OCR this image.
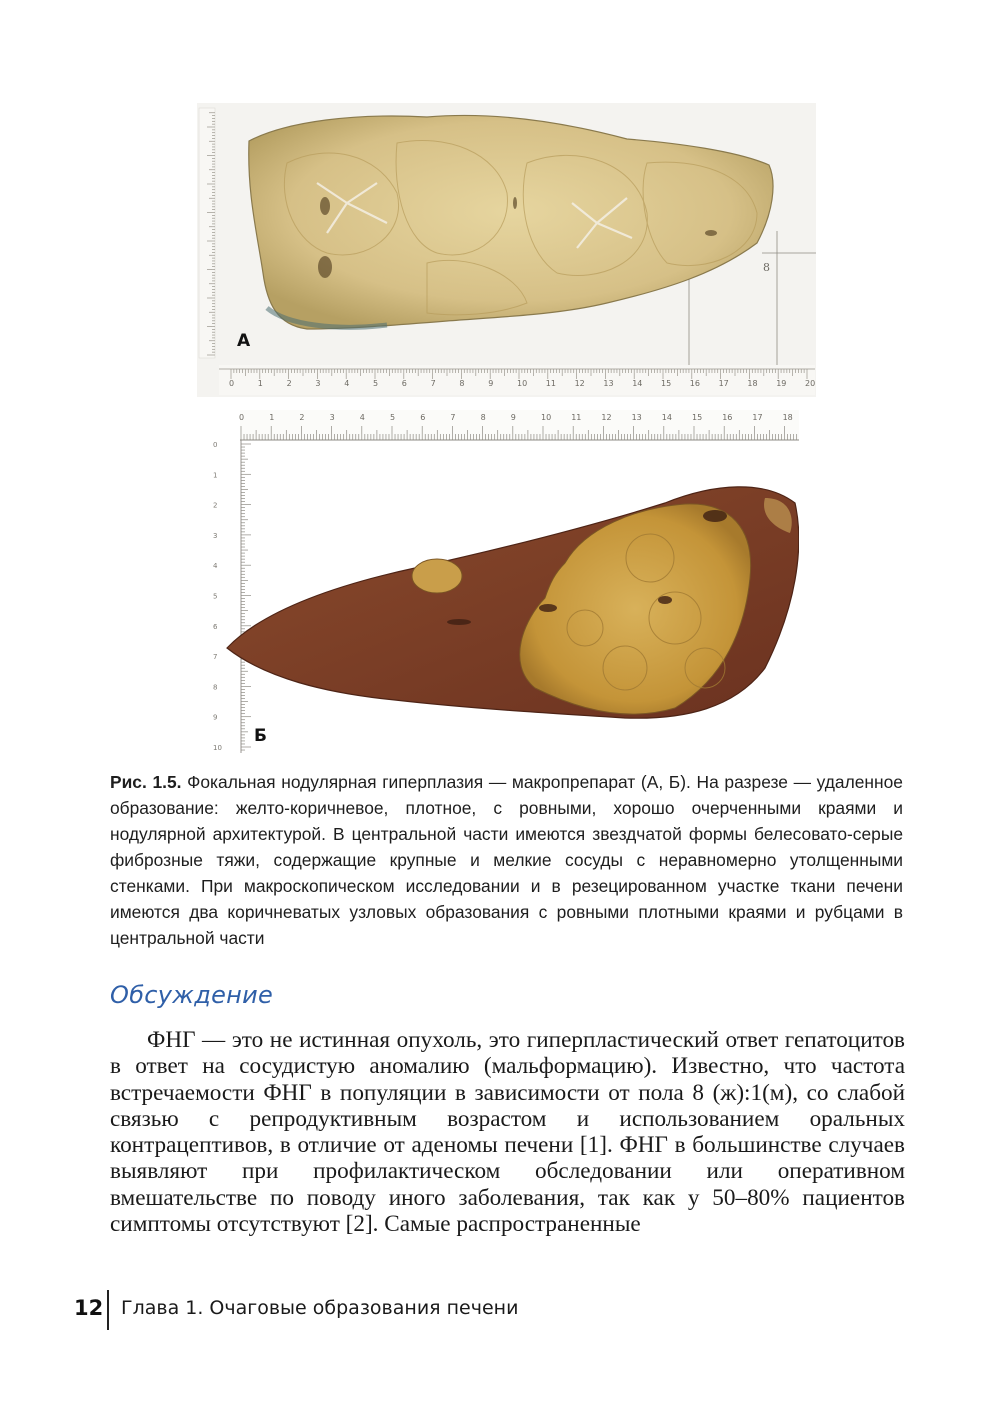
0	1	2	3	4	5	6	7	8	9	10 11 12 13 14 15 16 17 18 19 20
8
А
0	1	2	3	4	5	6	7	8	9	10	11	12	13	14	15	16	17	18
0
1
2
3
4
5
6
7
8
9
10
Б
Рис. 1.5. Фокальная нодулярная гиперплазия — макропрепарат (А, Б). На разрезе — удаленное образование: желто-коричневое, плотное, с ровными, хорошо очерченными краями и нодулярной архитектурой. В центральной части имеются звездчатой формы белесовато-серые фиброзные тяжи, содержащие крупные и мелкие сосуды с неравномерно утолщенными стенками. При макроскопическом исследовании и в резецированном участке ткани печени имеются два коричневатых узловых образования с ровными плотными краями и рубцами в центральной части
Обсуждение

ФНГ — это не истинная опухоль, это гиперпластический ответ гепатоцитов в ответ на сосудистую аномалию (мальформацию). Известно, что частота встречаемости ФНГ в популяции в зависимости от пола 8 (ж):1(м), со слабой связью с репродуктивным возрастом и использованием оральных контрацептивов, в отличие от аденомы печени [1]. ФНГ в большинстве случаев выявляют при профилактическом обследовании или оперативном вмешательстве по поводу иного заболевания, так как у 50–80% пациентов симптомы отсутствуют [2]. Самые распространенные

12 Глава 1. Очаговые образования печени
